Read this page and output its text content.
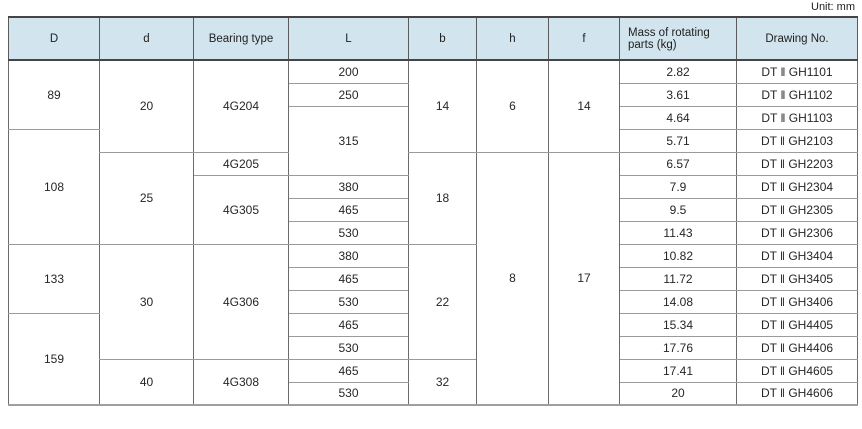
Unit: mm
D	d	Bearing type	L	b	h	f	Mass of rotating parts (kg)	Drawing No.
89	20	4G204	200	14	6	14	2.82	DT ‖ GH1101
			250				3.61	DT ‖ GH1102
			315				4.64	DT ‖ GH1103
108							5.71	DT ‖ GH2103
	25	4G205		18	8	17	6.57	DT ‖ GH2203
		4G305	380				7.9	DT ‖ GH2304
			465				9.5	DT ‖ GH2305
			530				11.43	DT ‖ GH2306
133	30	4G306	380	22			10.82	DT ‖ GH3404
			465				11.72	DT ‖ GH3405
			530				14.08	DT ‖ GH3406
159			465				15.34	DT ‖ GH4405
			530				17.76	DT ‖ GH4406
	40	4G308	465	32			17.41	DT ‖ GH4605
			530				20	DT ‖ GH4606
